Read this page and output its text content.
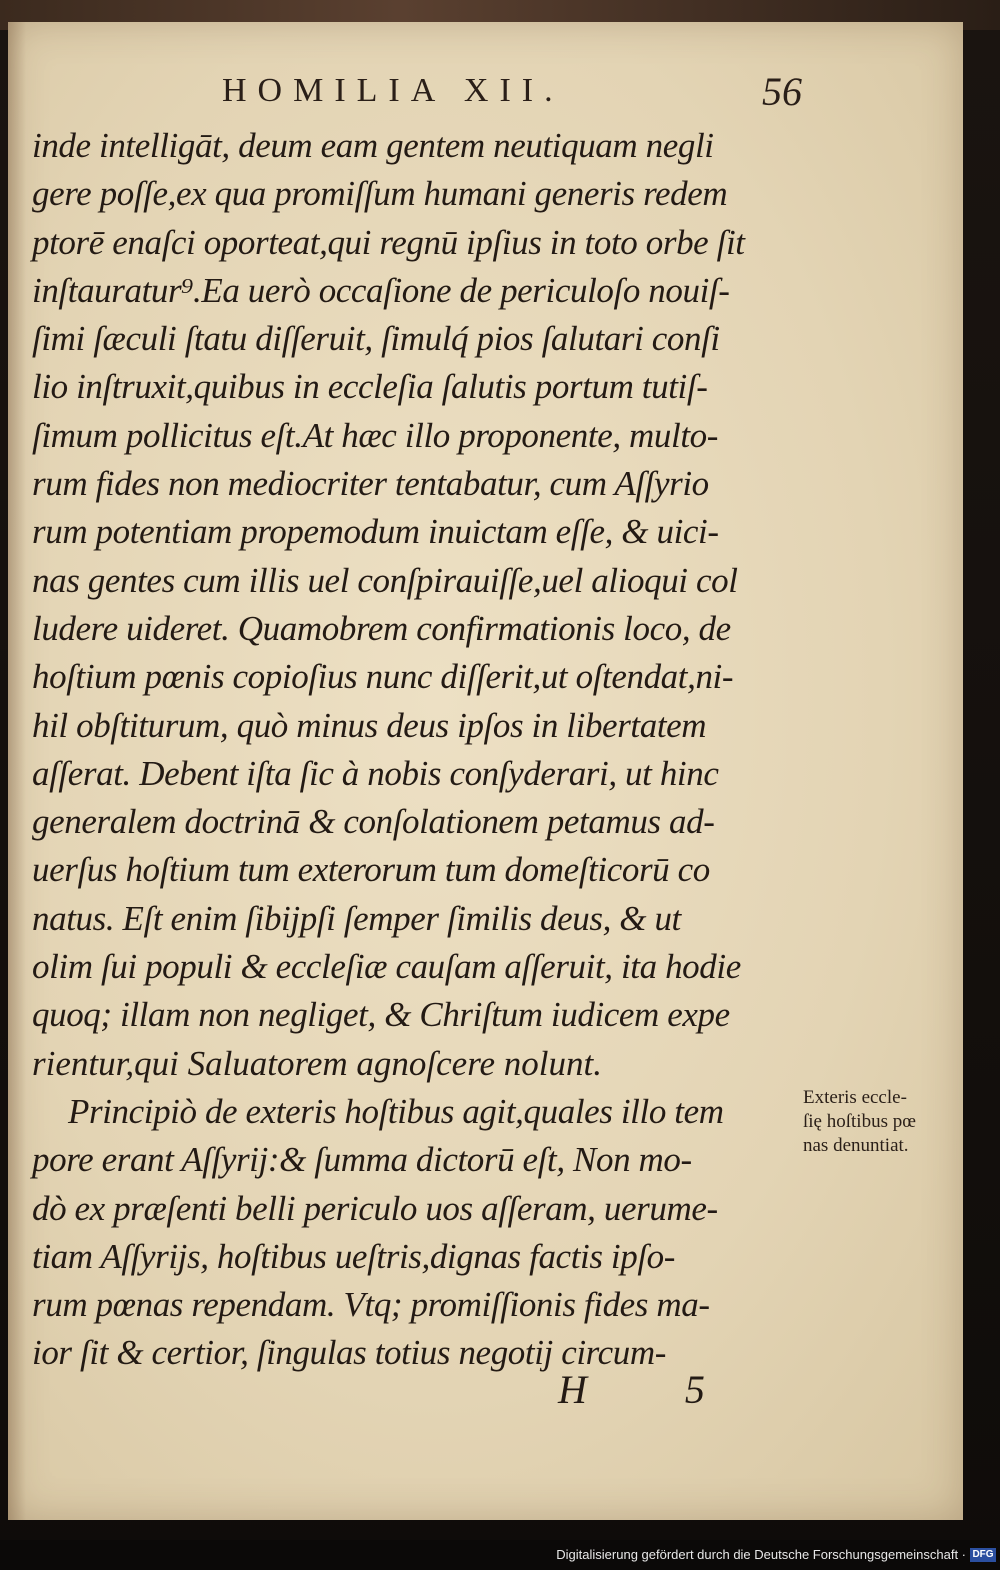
HOMILIA XII.	56
inde intelligāt, deum eam gentem neutiquam negli
gere poſſe,ex qua promiſſum humani generis redem
ptorē enaſci oporteat,qui regnū ipſius in toto orbe ſit
inſtauratur⁹.Ea uerò occaſione de periculoſo nouiſ-
ſimi ſæculi ſtatu diſſeruit, ſimulq́ pios ſalutari conſi
lio inſtruxit,quibus in eccleſia ſalutis portum tutiſ-
ſimum pollicitus eſt.At hæc illo proponente, multo-
rum fides non mediocriter tentabatur, cum Aſſyrio
rum potentiam propemodum inuictam eſſe, & uici-
nas gentes cum illis uel conſpirauiſſe,uel alioqui col
ludere uideret. Quamobrem confirmationis loco, de
hoſtium pœnis copioſius nunc diſſerit,ut oſtendat,ni-
hil obſtiturum, quò minus deus ipſos in libertatem
aſſerat. Debent iſta ſic à nobis conſyderari, ut hinc
generalem doctrinā & conſolationem petamus ad-
uerſus hoſtium tum exterorum tum domeſticorū co
natus. Eſt enim ſibijpſi ſemper ſimilis deus, & ut
olim ſui populi & eccleſiæ cauſam aſſeruit, ita hodie
quoq; illam non negliget, & Chriſtum iudicem expe
rientur,qui Saluatorem agnoſcere nolunt.
Principiò de exteris hoſtibus agit,quales illo tem
pore erant Aſſyrij:& ſumma dictorū eſt, Non mo-
dò ex præſenti belli periculo uos aſſeram, uerume-
tiam Aſſyrijs, hoſtibus ueſtris,dignas factis ipſo-
rum pœnas rependam. Vtq; promiſſionis fides ma-
ior ſit & certior, ſingulas totius negotij circum-
Exteris eccle-
ſię hoſtibus pœ
nas denuntiat.
H 5
Digitalisierung gefördert durch die Deutsche Forschungsgemeinschaft · DFG
